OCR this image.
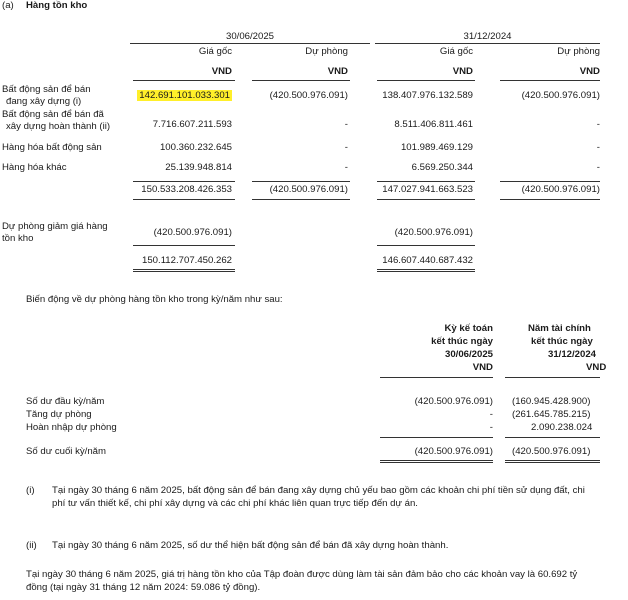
(a) Hàng tồn kho
30/06/2025	31/12/2024
Giá gốc	Dự phòng	Giá gốc	Dự phòng
VND	VND	VND	VND
Bất động sản để bán
đang xây dựng (i)
142.691.101.033.301	(420.500.976.091)	138.407.976.132.589	(420.500.976.091)
Bất động sản để bán đã
xây dựng hoàn thành (ii)	7.716.607.211.593	-	8.511.406.811.461	-
Hàng hóa bất động sản	100.360.232.645	-	101.989.469.129	-
Hàng hóa khác	25.139.948.814	-	6.569.250.344	-
150.533.208.426.353	(420.500.976.091)	147.027.941.663.523	(420.500.976.091)
Dự phòng giảm giá hàng
tồn kho
(420.500.976.091)	(420.500.976.091)
150.112.707.450.262	146.607.440.687.432
Biến động về dự phòng hàng tồn kho trong kỳ/năm như sau:
Kỳ kế toán
kết thúc ngày
30/06/2025
VND
Năm tài chính
kết thúc ngày
31/12/2024
VND
Số dư đầu kỳ/năm	(420.500.976.091) (160.945.428.900)
Tăng dự phòng	- (261.645.785.215)
Hoàn nhập dự phòng	-	2.090.238.024
Số dư cuối kỳ/năm	(420.500.976.091) (420.500.976.091)
(i) Tại ngày 30 tháng 6 năm 2025, bất động sản để bán đang xây dựng chủ yếu bao gồm các khoản chi phí tiền sử dụng đất, chi phí tư vấn thiết kế, chi phí xây dựng và các chi phí khác liên quan trực tiếp đến dự án.
(ii) Tại ngày 30 tháng 6 năm 2025, số dư thể hiện bất động sản để bán đã xây dựng hoàn thành.
Tại ngày 30 tháng 6 năm 2025, giá trị hàng tồn kho của Tập đoàn được dùng làm tài sản đảm bảo cho các khoản vay là 60.692 tỷ đồng (tại ngày 31 tháng 12 năm 2024: 59.086 tỷ đồng).
